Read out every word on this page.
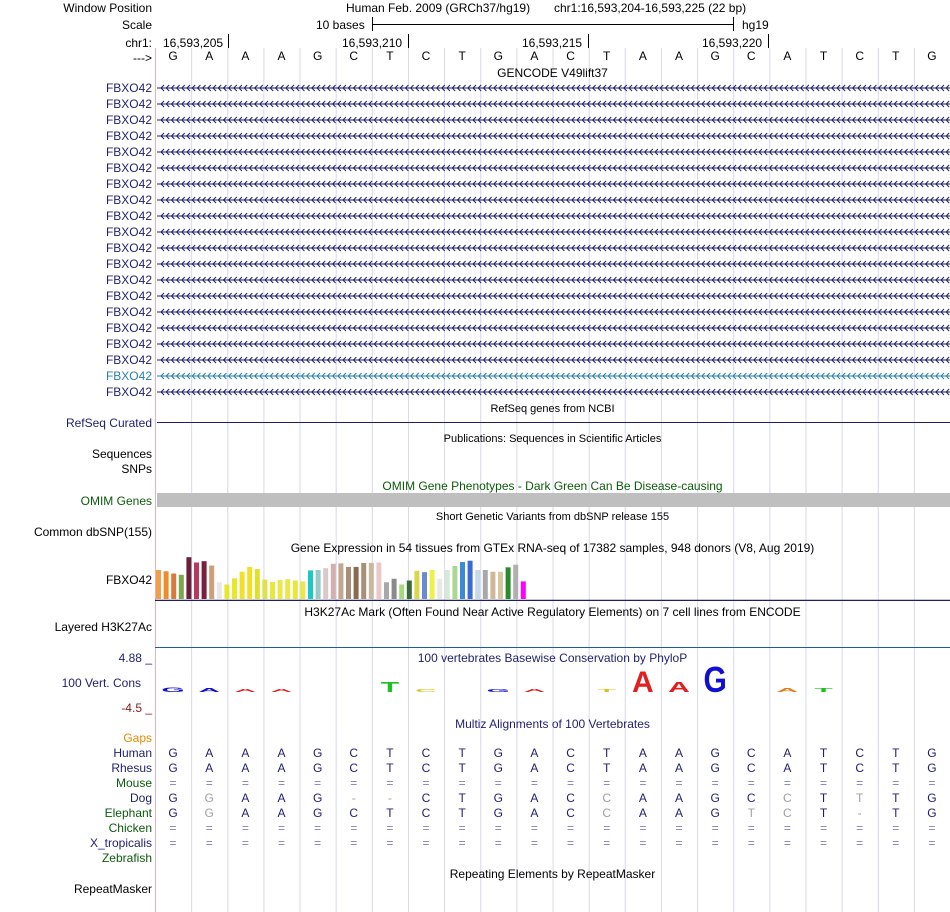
Window Position
Scale
chr1:
--->
Human Feb. 2009 (GRCh37/hg19) chr1:16,593,204-16,593,225 (22 bp)
10 bases	hg19
16,593,205	16,593,210	16,593,215	16,593,220
G A A A G C T C T G A C T A A G C A T C T G
GENCODE V49lift37
FBXO42
FBXO42
FBXO42
FBXO42
FBXO42
FBXO42
FBXO42
FBXO42
FBXO42
FBXO42
FBXO42
FBXO42
FBXO42
FBXO42
FBXO42
FBXO42
FBXO42
FBXO42
FBXO42
FBXO42
RefSeq genes from NCBI
RefSeq Curated
Publications: Sequences in Scientific Articles
Sequences
SNPs
OMIM Gene Phenotypes - Dark Green Can Be Disease-causing
OMIM Genes
Short Genetic Variants from dbSNP release 155
Common dbSNP(155)
Gene Expression in 54 tissues from GTEx RNA-seq of 17382 samples, 948 donors (V8, Aug 2019)
FBXO42
H3K27Ac Mark (Often Found Near Active Regulatory Elements) on 7 cell lines from ENCODE
Layered H3K27Ac
100 vertebrates Basewise Conservation by PhyloP
4.88 _
100 Vert. Cons
-4.5 _
G A A A	T C G A	T A A G A T
Multiz Alignments of 100 Vertebrates
Gaps
Human G A A A G C T C T G A C T A A G C A T C T G
Rhesus G A A A G C T C T G A C T A A G C A T C T G
Mouse = = = = = = = = = = = = = = = = = = = = = =
Dog G G A A G -	- C T G A C C A A G C C T T T G
Elephant G G A A G C T C T G A C C A A G T C T	-	T G
Chicken = = = = = = = = = = = = = = = = = = = = = =
X_tropicalis = = = = = = = = = = = = = = = = = = = = = =
Zebrafish
Repeating Elements by RepeatMasker
RepeatMasker
